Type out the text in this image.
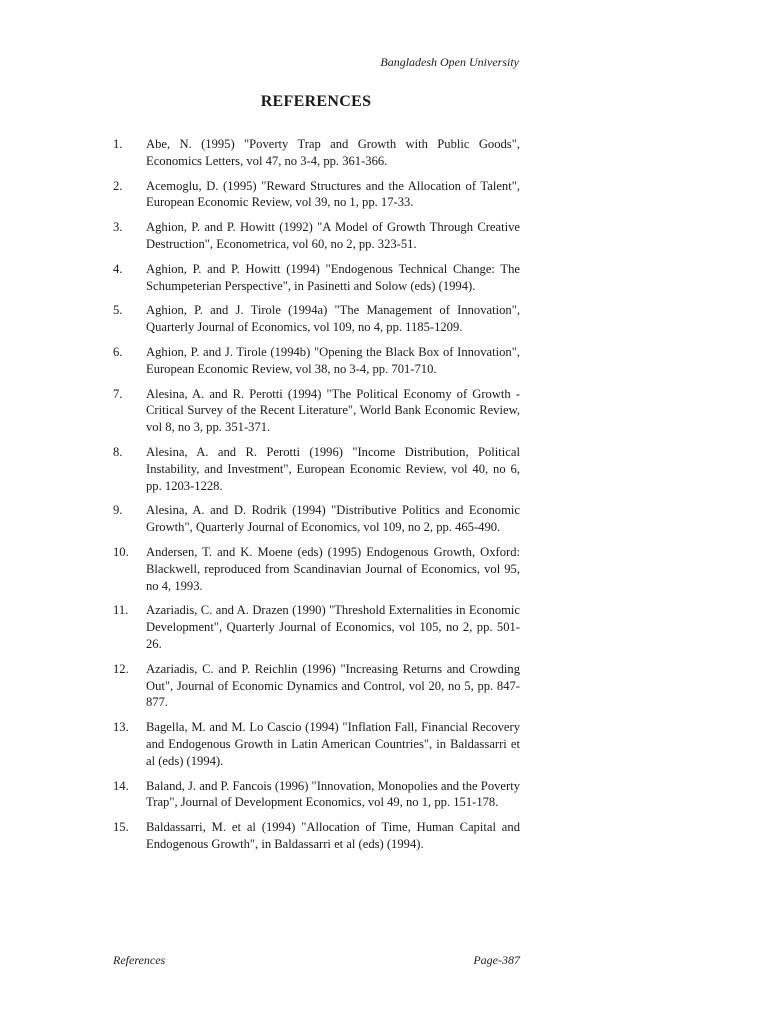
Bangladesh Open University
REFERENCES
1.	Abe, N. (1995) "Poverty Trap and Growth with Public Goods", Economics Letters, vol 47, no 3-4, pp. 361-366.
2.	Acemoglu, D. (1995) "Reward Structures and the Allocation of Talent", European Economic Review, vol 39, no 1, pp. 17-33.
3.	Aghion, P. and P. Howitt (1992) "A Model of Growth Through Creative Destruction", Econometrica, vol 60, no 2, pp. 323-51.
4.	Aghion, P. and P. Howitt (1994) "Endogenous Technical Change: The Schumpeterian Perspective", in Pasinetti and Solow (eds) (1994).
5.	Aghion, P. and J. Tirole (1994a) "The Management of Innovation", Quarterly Journal of Economics, vol 109, no 4, pp. 1185-1209.
6.	Aghion, P. and J. Tirole (1994b) "Opening the Black Box of Innovation", European Economic Review, vol 38, no 3-4, pp. 701-710.
7.	Alesina, A. and R. Perotti (1994) "The Political Economy of Growth - Critical Survey of the Recent Literature", World Bank Economic Review, vol 8, no 3, pp. 351-371.
8.	Alesina, A. and R. Perotti (1996) "Income Distribution, Political Instability, and Investment", European Economic Review, vol 40, no 6, pp. 1203-1228.
9.	Alesina, A. and D. Rodrik (1994) "Distributive Politics and Economic Growth", Quarterly Journal of Economics, vol 109, no 2, pp. 465-490.
10.	Andersen, T. and K. Moene (eds) (1995) Endogenous Growth, Oxford: Blackwell, reproduced from Scandinavian Journal of Economics, vol 95, no 4, 1993.
11.	Azariadis, C. and A. Drazen (1990) "Threshold Externalities in Economic Development", Quarterly Journal of Economics, vol 105, no 2, pp. 501-26.
12.	Azariadis, C. and P. Reichlin (1996) "Increasing Returns and Crowding Out", Journal of Economic Dynamics and Control, vol 20, no 5, pp. 847-877.
13.	Bagella, M. and M. Lo Cascio (1994) "Inflation Fall, Financial Recovery and Endogenous Growth in Latin American Countries", in Baldassarri et al (eds) (1994).
14.	Baland, J. and P. Fancois (1996) "Innovation, Monopolies and the Poverty Trap", Journal of Development Economics, vol 49, no 1, pp. 151-178.
15.	Baldassarri, M. et al (1994) "Allocation of Time, Human Capital and Endogenous Growth", in Baldassarri et al (eds) (1994).
References	Page-387
